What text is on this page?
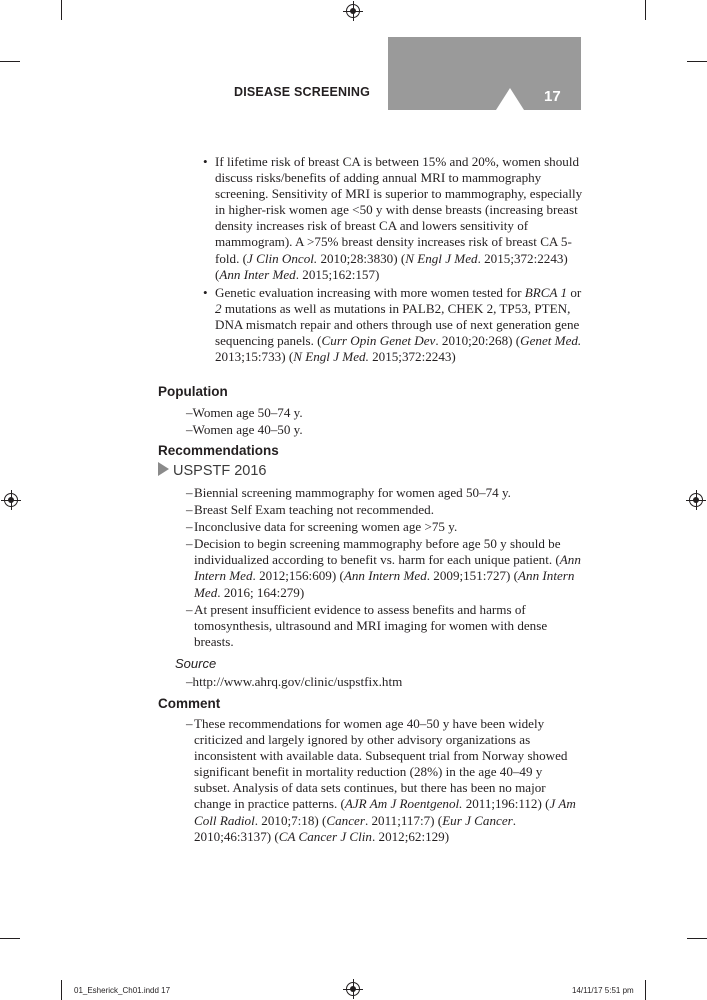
DISEASE SCREENING	17

• If lifetime risk of breast CA is between 15% and 20%, women should discuss risks/benefits of adding annual MRI to mammography screening. Sensitivity of MRI is superior to mammography, especially in higher-risk women age <50 y with dense breasts (increasing breast density increases risk of breast CA and lowers sensitivity of mammogram). A >75% breast density increases risk of breast CA 5-fold. (J Clin Oncol. 2010;28:3830) (N Engl J Med. 2015;372:2243) (Ann Inter Med. 2015;162:157)

• Genetic evaluation increasing with more women tested for BRCA 1 or 2 mutations as well as mutations in PALB2, CHEK 2, TP53, PTEN, DNA mismatch repair and others through use of next generation gene sequencing panels. (Curr Opin Genet Dev. 2010;20:268) (Genet Med. 2013;15:733) (N Engl J Med. 2015;372:2243)

Population
–Women age 50–74 y.
–Women age 40–50 y.
Recommendations
USPSTF 2016

– Biennial screening mammography for women aged 50–74 y.

– Breast Self Exam teaching not recommended.

– Inconclusive data for screening women age >75 y.

– Decision to begin screening mammography before age 50 y should be individualized according to benefit vs. harm for each unique patient. (Ann Intern Med. 2012;156:609) (Ann Intern Med. 2009;151:727) (Ann Intern Med. 2016; 164:279)

– At present insufficient evidence to assess benefits and harms of tomosynthesis, ultrasound and MRI imaging for women with dense breasts.

Source
–http://www.ahrq.gov/clinic/uspstfix.htm
Comment

– These recommendations for women age 40–50 y have been widely criticized and largely ignored by other advisory organizations as inconsistent with available data. Subsequent trial from Norway showed significant benefit in mortality reduction (28%) in the age 40–49 y subset. Analysis of data sets continues, but there has been no major change in practice patterns. (AJR Am J Roentgenol. 2011;196:112) (J Am Coll Radiol. 2010;7:18) (Cancer. 2011;117:7) (Eur J Cancer. 2010;46:3137) (CA Cancer J Clin. 2012;62:129)

01_Esherick_Ch01.indd 17	14/11/17 5:51 pm
